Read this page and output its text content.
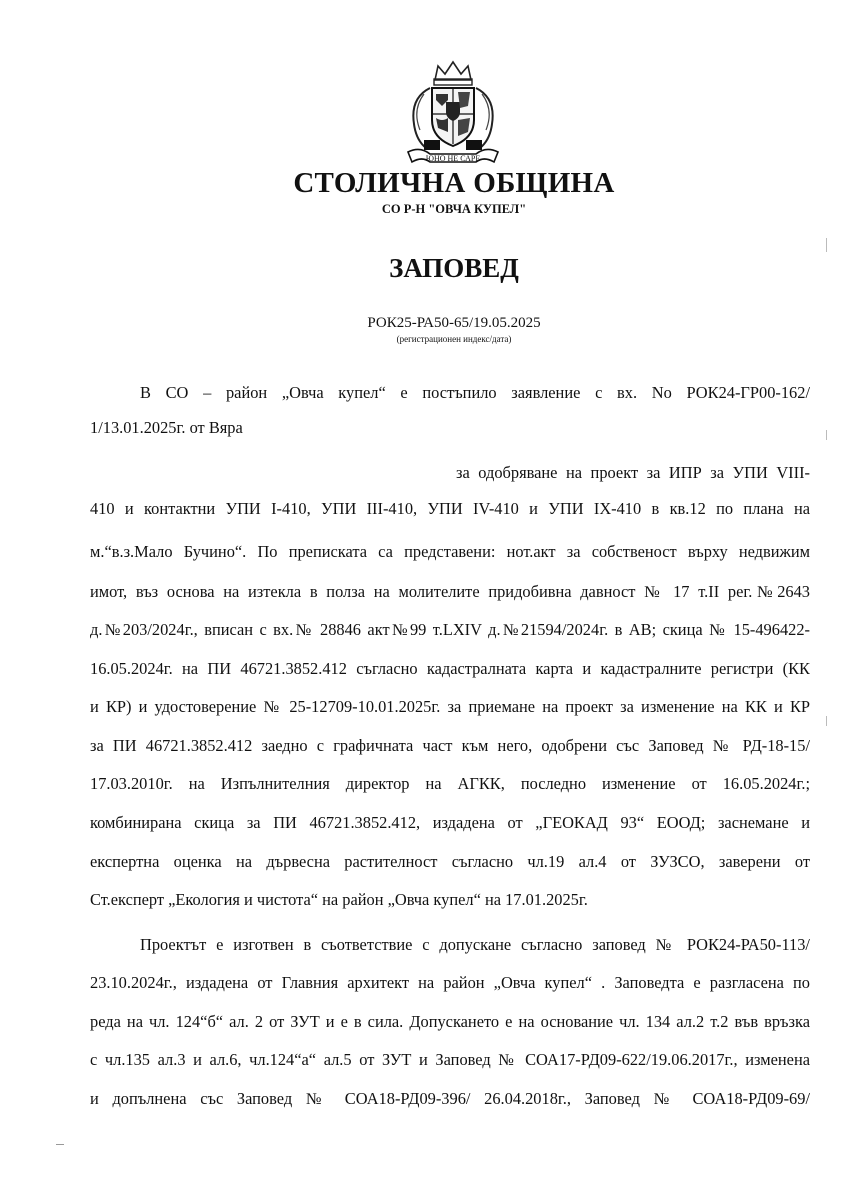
ЮНО НЕ САРЕ
СТОЛИЧНА ОБЩИНА
СО Р-Н "ОВЧА КУПЕЛ"
ЗАПОВЕД
РОК25-РА50-65/19.05.2025
(регистрационен индекс/дата)
В СО – район „Овча купел“ е постъпило заявление с вх. No РОК24-ГР00-162/
1/13.01.2025г. от Вяра
за одобряване на проект за ИПР за УПИ VIII-
410 и контактни УПИ I-410, УПИ III-410, УПИ IV-410 и УПИ IX-410 в кв.12 по плана на
м.“в.з.Мало Бучино“. По преписката са представени: нот.акт за собственост върху недвижим
имот, въз основа на изтекла в полза на молителите придобивна давност № 17 т.II рег.№2643
д.№203/2024г., вписан с вх.№ 28846 акт№99 т.LXIV д.№21594/2024г. в АВ; скица № 15-496422-
16.05.2024г. на ПИ 46721.3852.412 съгласно кадастралната карта и кадастралните регистри (КК
и КР) и удостоверение № 25-12709-10.01.2025г. за приемане на проект за изменение на КК и КР
за ПИ 46721.3852.412 заедно с графичната част към него, одобрени със Заповед № РД-18-15/
17.03.2010г. на Изпълнителния директор на АГКК, последно изменение от 16.05.2024г.;
комбинирана скица за ПИ 46721.3852.412, издадена от „ГЕОКАД 93“ ЕООД; заснемане и
експертна оценка на дървесна растителност съгласно чл.19 ал.4 от ЗУЗСО, заверени от
Ст.експерт „Екология и чистота“ на район „Овча купел“ на 17.01.2025г.
Проектът е изготвен в съответствие с допускане съгласно заповед № РОК24-РА50-113/
23.10.2024г., издадена от Главния архитект на район „Овча купел“ . Заповедта е разгласена по
реда на чл. 124“б“ ал. 2 от ЗУТ и е в сила. Допускането е на основание чл. 134 ал.2 т.2 във връзка
с чл.135 ал.3 и ал.6, чл.124“а“ ал.5 от ЗУТ и Заповед № СОА17-РД09-622/19.06.2017г., изменена
и допълнена със Заповед № СОА18-РД09-396/ 26.04.2018г., Заповед № СОА18-РД09-69/
